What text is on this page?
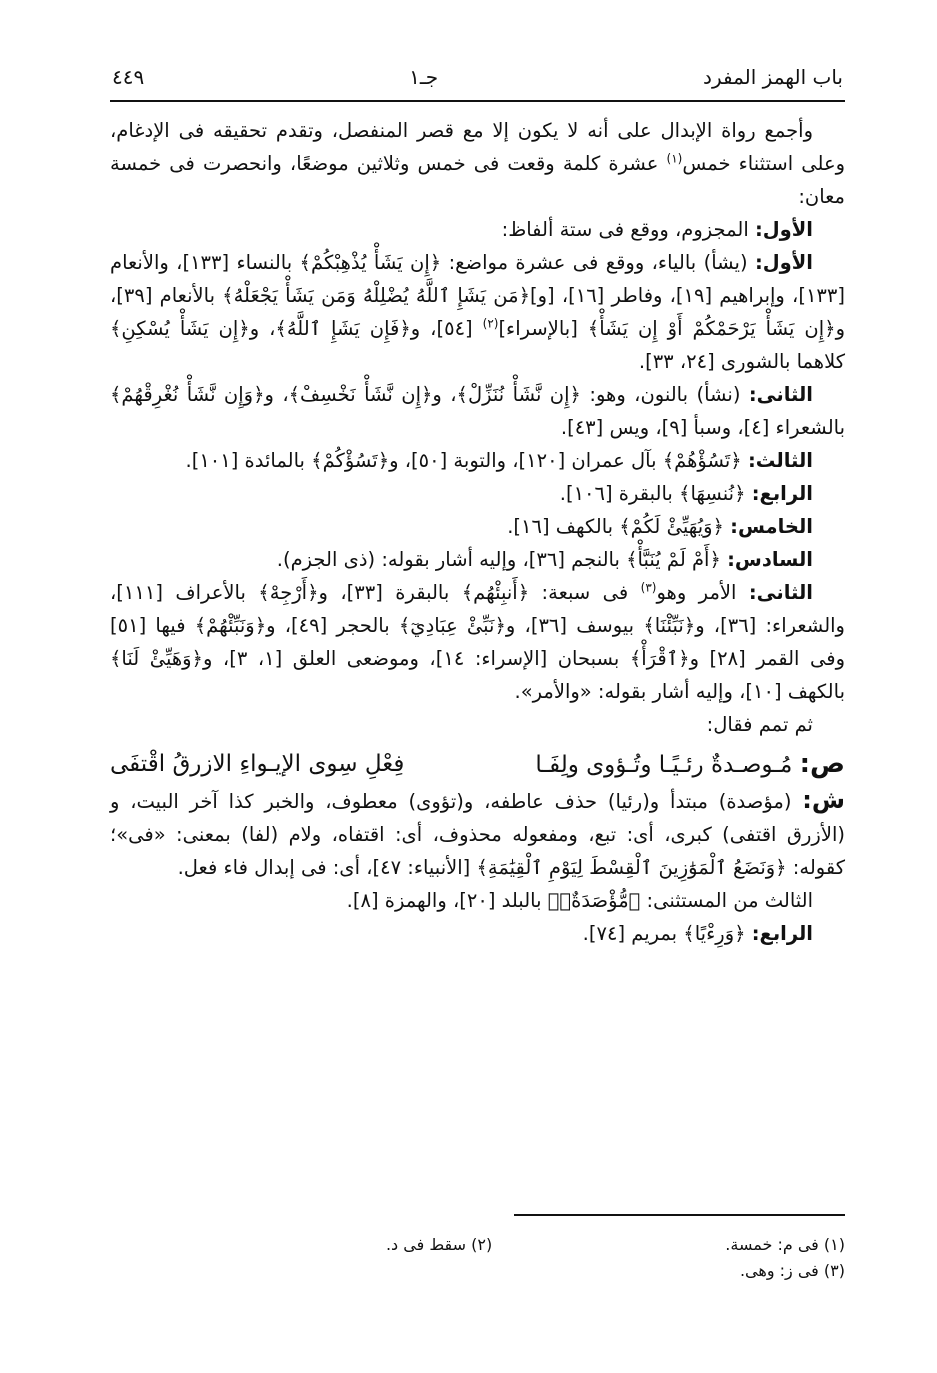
باب الهمز المفرد
جـ١
٤٤٩

وأجمع رواة الإبدال على أنه لا يكون إلا مع قصر المنفصل، وتقدم تحقيقه فى الإدغام، وعلى استثناء خمس$^{(١)}$ عشرة كلمة وقعت فى خمس وثلاثين موضعًا، وانحصرت فى خمسة معان:

الأول: المجزوم، ووقع فى ستة ألفاظ:

الأول: (يشأ) بالياء، ووقع فى عشرة مواضع: ﴿إِن يَشَأْ يُذْهِبْكُمْ﴾ بالنساء [١٣٣]، والأنعام [١٣٣]، وإبراهيم [١٩]، وفاطر [١٦]، [و]﴿مَن يَشَإِ ٱللَّهُ يُضْلِلْهُ وَمَن يَشَأْ يَجْعَلْهُ﴾ بالأنعام [٣٩]، و﴿إِن يَشَأْ يَرْحَمْكُمْ أَوْ إِن يَشَأْ﴾ [بالإسراء]$^{(٢)}$ [٥٤]، و﴿فَإِن يَشَإِ ٱللَّهُ﴾، و﴿إِن يَشَأْ يُسْكِنِ﴾ كلاهما بالشورى [٢٤، ٣٣].

الثانى: (نشأ) بالنون، وهو: ﴿إِن نَّشَأْ نُنَزِّلْ﴾، و﴿إِن نَّشَأْ نَخْسِفْ﴾، و﴿وَإِن نَّشَأْ نُغْرِقْهُمْ﴾ بالشعراء [٤]، وسبأ [٩]، ويس [٤٣].

الثالث: ﴿تَسُؤْهُمْ﴾ بآل عمران [١٢٠]، والتوبة [٥٠]، و﴿تَسُؤْكُمْ﴾ بالمائدة [١٠١].

الرابع: ﴿نُنسِهَا﴾ بالبقرة [١٠٦].

الخامس: ﴿وَيُهَيِّئْ لَكُمْ﴾ بالكهف [١٦].

السادس: ﴿أَمْ لَمْ يُنَبَّأْ﴾ بالنجم [٣٦]، وإليه أشار بقوله: (ذى الجزم).

الثانى: الأمر وهو$^{(٣)}$ فى سبعة: ﴿أَنبِئْهُم﴾ بالبقرة [٣٣]، و﴿أَرْجِهْ﴾ بالأعراف [١١١]، والشعراء: [٣٦]، و﴿نَبِّئْنَا﴾ بيوسف [٣٦]، و﴿نَبِّئْ عِبَادِيٓ﴾ بالحجر [٤٩]، و﴿وَنَبِّئْهُمْ﴾ فيها [٥١] وفى القمر [٢٨] و﴿ٱقْرَأْ﴾ بسبحان [الإسراء: ١٤]، وموضعى العلق [١، ٣]، و﴿وَهَيِّئْ لَنَا﴾ بالكهف [١٠]، وإليه أشار بقوله: «والأمر».

ثم تمم فقال:

ص: مُـوصـدةٌ رئـيًـا وتُـؤوى ولِفَـا
فِعْلِ سِوى الإيـواءِ الازرقُ اقْتفَى

ش: (مؤصدة) مبتدأ و(رئيا) حذف عاطفه، و(تؤوى) معطوف، والخبر كذا آخر البيت، و (الأزرق اقتفى) كبرى، أى: تبع، ومفعوله محذوف، أى: اقتفاه، ولام (لفا) بمعنى: «فى»؛ كقوله: ﴿وَنَضَعُ ٱلْمَوَٰزِينَ ٱلْقِسْطَ لِيَوْمِ ٱلْقِيَٰمَةِ﴾ [الأنبياء: ٤٧]، أى: فى إبدال فاء فعل.

الثالث من المستثنى: ﴿مُّؤْصَدَةٌۢ﴾ بالبلد [٢٠]، والهمزة [٨].

الرابع: ﴿وَرِءْيًا﴾ بمريم [٧٤].

(١) فى م: خمسة.
(٢) سقط فى د.
(٣) فى ز: وهى.
